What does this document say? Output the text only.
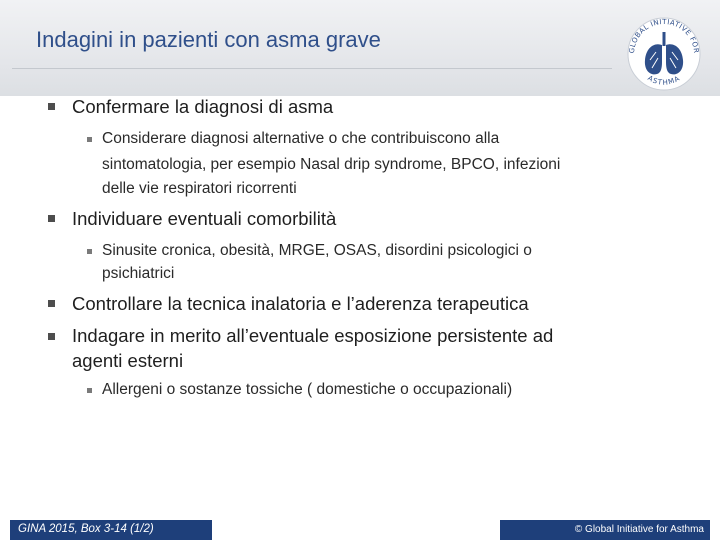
Indagini in pazienti con asma grave	GLOBAL INITIATIVE FOR
ASTHMA
Confermare la diagnosi di asma
Considerare diagnosi alternative o che contribuiscono alla
sintomatologia, per esempio Nasal drip syndrome, BPCO, infezioni
delle vie respiratori ricorrenti
Individuare eventuali comorbilità
Sinusite cronica, obesità, MRGE, OSAS, disordini psicologici o
psichiatrici
Controllare la tecnica inalatoria e l’aderenza terapeutica
Indagare in merito all’eventuale esposizione persistente ad
agenti esterni
Allergeni o sostanze tossiche ( domestiche o occupazionali)
GINA 2015, Box 3-14 (1/2)	© Global Initiative for Asthma
